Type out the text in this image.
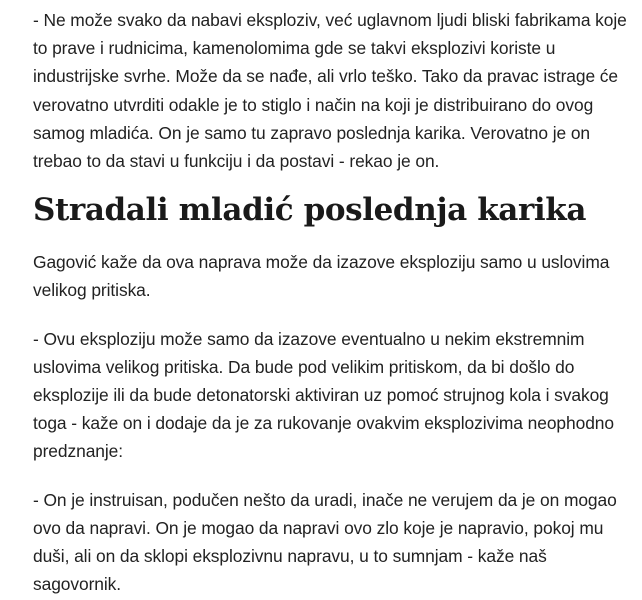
- Ne može svako da nabavi eksploziv, već uglavnom ljudi bliski fabrikama koje to prave i rudnicima, kamenolomima gde se takvi eksplozivi koriste u industrijske svrhe. Može da se nađe, ali vrlo teško. Tako da pravac istrage će verovatno utvrditi odakle je to stiglo i način na koji je distribuirano do ovog samog mladića. On je samo tu zapravo poslednja karika. Verovatno je on trebao to da stavi u funkciju i da postavi - rekao je on.

Stradali mladić poslednja karika

Gagović kaže da ova naprava može da izazove eksploziju samo u uslovima velikog pritiska.

- Ovu eksploziju može samo da izazove eventualno u nekim ekstremnim uslovima velikog pritiska. Da bude pod velikim pritiskom, da bi došlo do eksplozije ili da bude detonatorski aktiviran uz pomoć strujnog kola i svakog toga - kaže on i dodaje da je za rukovanje ovakvim eksplozivima neophodno predznanje:

- On je instruisan, podučen nešto da uradi, inače ne verujem da je on mogao ovo da napravi. On je mogao da napravi ovo zlo koje je napravio, pokoj mu duši, ali on da sklopi eksplozivnu napravu, u to sumnjam - kaže naš sagovornik.
